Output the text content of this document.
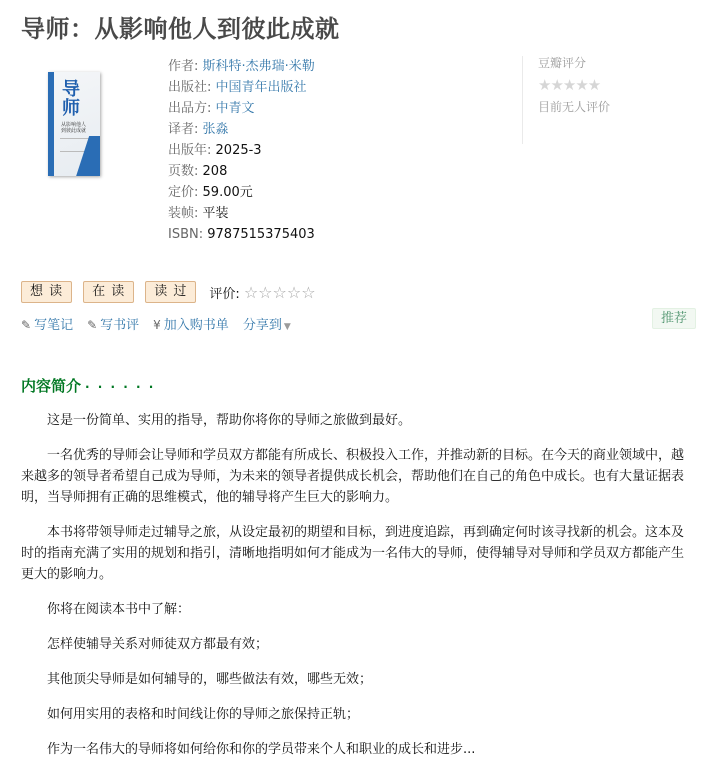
导师：从影响他人到彼此成就
导
师
从影响他人
到彼此成就
作者: 斯科特·杰弗瑞·米勒
出版社: 中国青年出版社
出品方: 中青文
译者: 张淼
出版年: 2025-3
页数: 208
定价: 59.00元
装帧: 平装
ISBN: 9787515375403
豆瓣评分
★★★★★
目前无人评价
想 读	在 读	读 过	评价: ☆☆☆☆☆
✎ 写笔记 ✎ 写书评 ¥ 加入购书单 分享到 ▼
推荐
内容简介 · · · · · ·

这是一份简单、实用的指导，帮助你将你的导师之旅做到最好。

一名优秀的导师会让导师和学员双方都能有所成长、积极投入工作，并推动新的目标。在今天的商业领域中，越来越多的领导者希望自己成为导师，为未来的领导者提供成长机会，帮助他们在自己的角色中成长。也有大量证据表明，当导师拥有正确的思维模式，他的辅导将产生巨大的影响力。

本书将带领导师走过辅导之旅，从设定最初的期望和目标，到进度追踪，再到确定何时该寻找新的机会。这本及时的指南充满了实用的规划和指引，清晰地指明如何才能成为一名伟大的导师，使得辅导对导师和学员双方都能产生更大的影响力。

你将在阅读本书中了解：

怎样使辅导关系对师徒双方都最有效；

其他顶尖导师是如何辅导的，哪些做法有效，哪些无效；

如何用实用的表格和时间线让你的导师之旅保持正轨；

作为一名伟大的导师将如何给你和你的学员带来个人和职业的成长和进步...
